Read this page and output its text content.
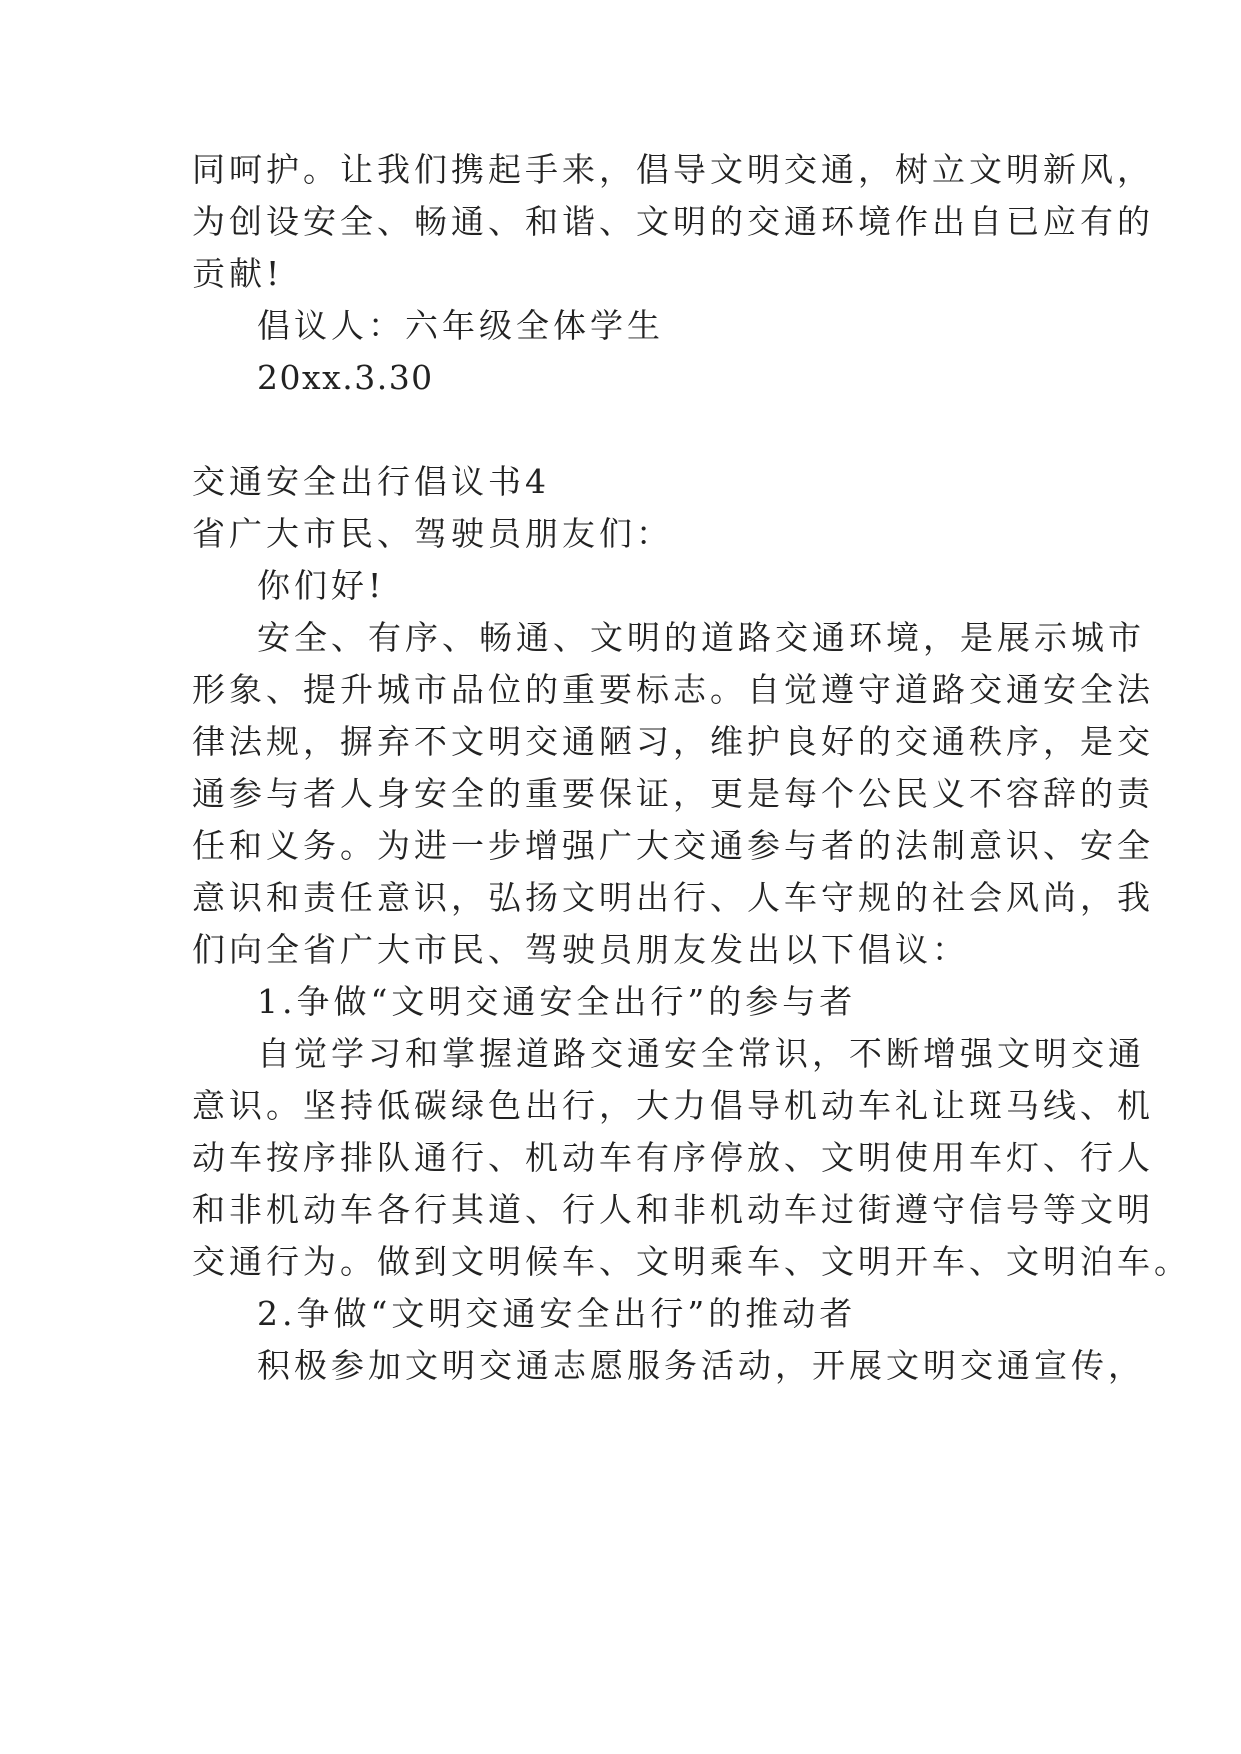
同呵护。让我们携起手来，倡导文明交通，树立文明新风，
为创设安全、畅通、和谐、文明的交通环境作出自已应有的
贡献!
倡议人：六年级全体学生
20xx.3.30
交通安全出行倡议书4
省广大市民、驾驶员朋友们：
你们好!
安全、有序、畅通、文明的道路交通环境，是展示城市
形象、提升城市品位的重要标志。自觉遵守道路交通安全法
律法规，摒弃不文明交通陋习，维护良好的交通秩序，是交
通参与者人身安全的重要保证，更是每个公民义不容辞的责
任和义务。为进一步增强广大交通参与者的法制意识、安全
意识和责任意识，弘扬文明出行、人车守规的社会风尚，我
们向全省广大市民、驾驶员朋友发出以下倡议：
1.争做“文明交通安全出行”的参与者
自觉学习和掌握道路交通安全常识，不断增强文明交通
意识。坚持低碳绿色出行，大力倡导机动车礼让斑马线、机
动车按序排队通行、机动车有序停放、文明使用车灯、行人
和非机动车各行其道、行人和非机动车过街遵守信号等文明
交通行为。做到文明候车、文明乘车、文明开车、文明泊车。
2.争做“文明交通安全出行”的推动者
积极参加文明交通志愿服务活动，开展文明交通宣传，
